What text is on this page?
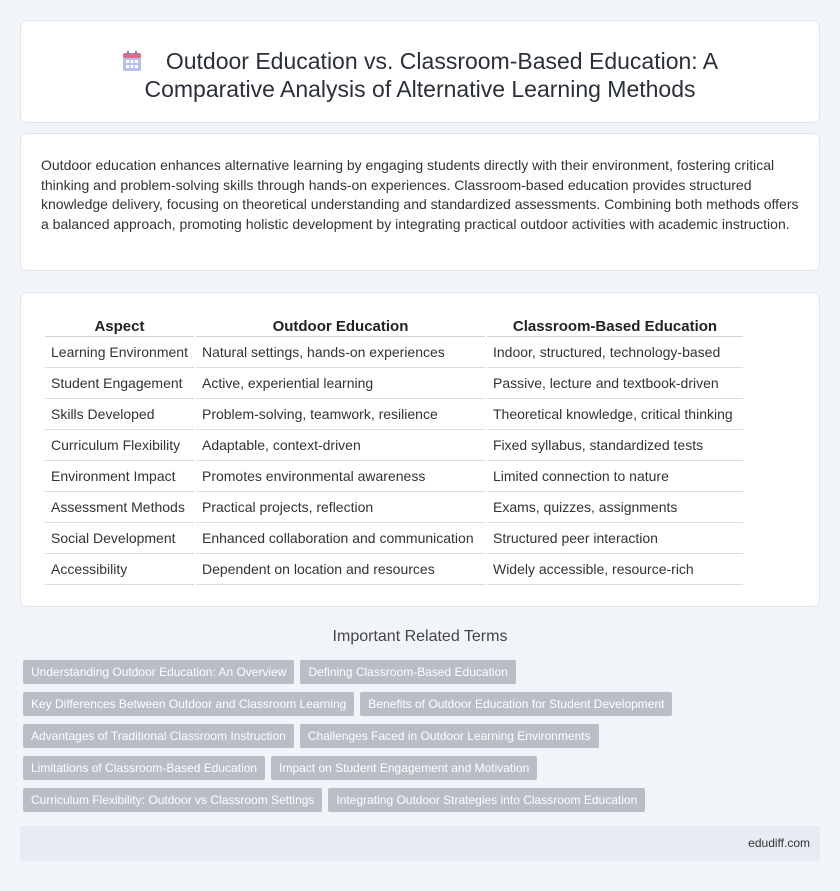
Outdoor Education vs. Classroom-Based Education: A
Comparative Analysis of Alternative Learning Methods

Outdoor education enhances alternative learning by engaging students directly with their environment, fostering critical thinking and problem-solving skills through hands-on experiences. Classroom-based education provides structured knowledge delivery, focusing on theoretical understanding and standardized assessments. Combining both methods offers a balanced approach, promoting holistic development by integrating practical outdoor activities with academic instruction.

Aspect	Outdoor Education	Classroom-Based Education
Learning Environment	Natural settings, hands-on experiences	Indoor, structured, technology-based
Student Engagement	Active, experiential learning	Passive, lecture and textbook-driven
Skills Developed	Problem-solving, teamwork, resilience	Theoretical knowledge, critical thinking
Curriculum Flexibility	Adaptable, context-driven	Fixed syllabus, standardized tests
Environment Impact	Promotes environmental awareness	Limited connection to nature
Assessment Methods	Practical projects, reflection	Exams, quizzes, assignments
Social Development	Enhanced collaboration and communication	Structured peer interaction
Accessibility	Dependent on location and resources	Widely accessible, resource-rich
Important Related Terms
Understanding Outdoor Education: An Overview	Defining Classroom-Based Education
Key Differences Between Outdoor and Classroom Learning	Benefits of Outdoor Education for Student Development
Advantages of Traditional Classroom Instruction	Challenges Faced in Outdoor Learning Environments
Limitations of Classroom-Based Education	Impact on Student Engagement and Motivation
Curriculum Flexibility: Outdoor vs Classroom Settings	Integrating Outdoor Strategies into Classroom Education
edudiff.com
